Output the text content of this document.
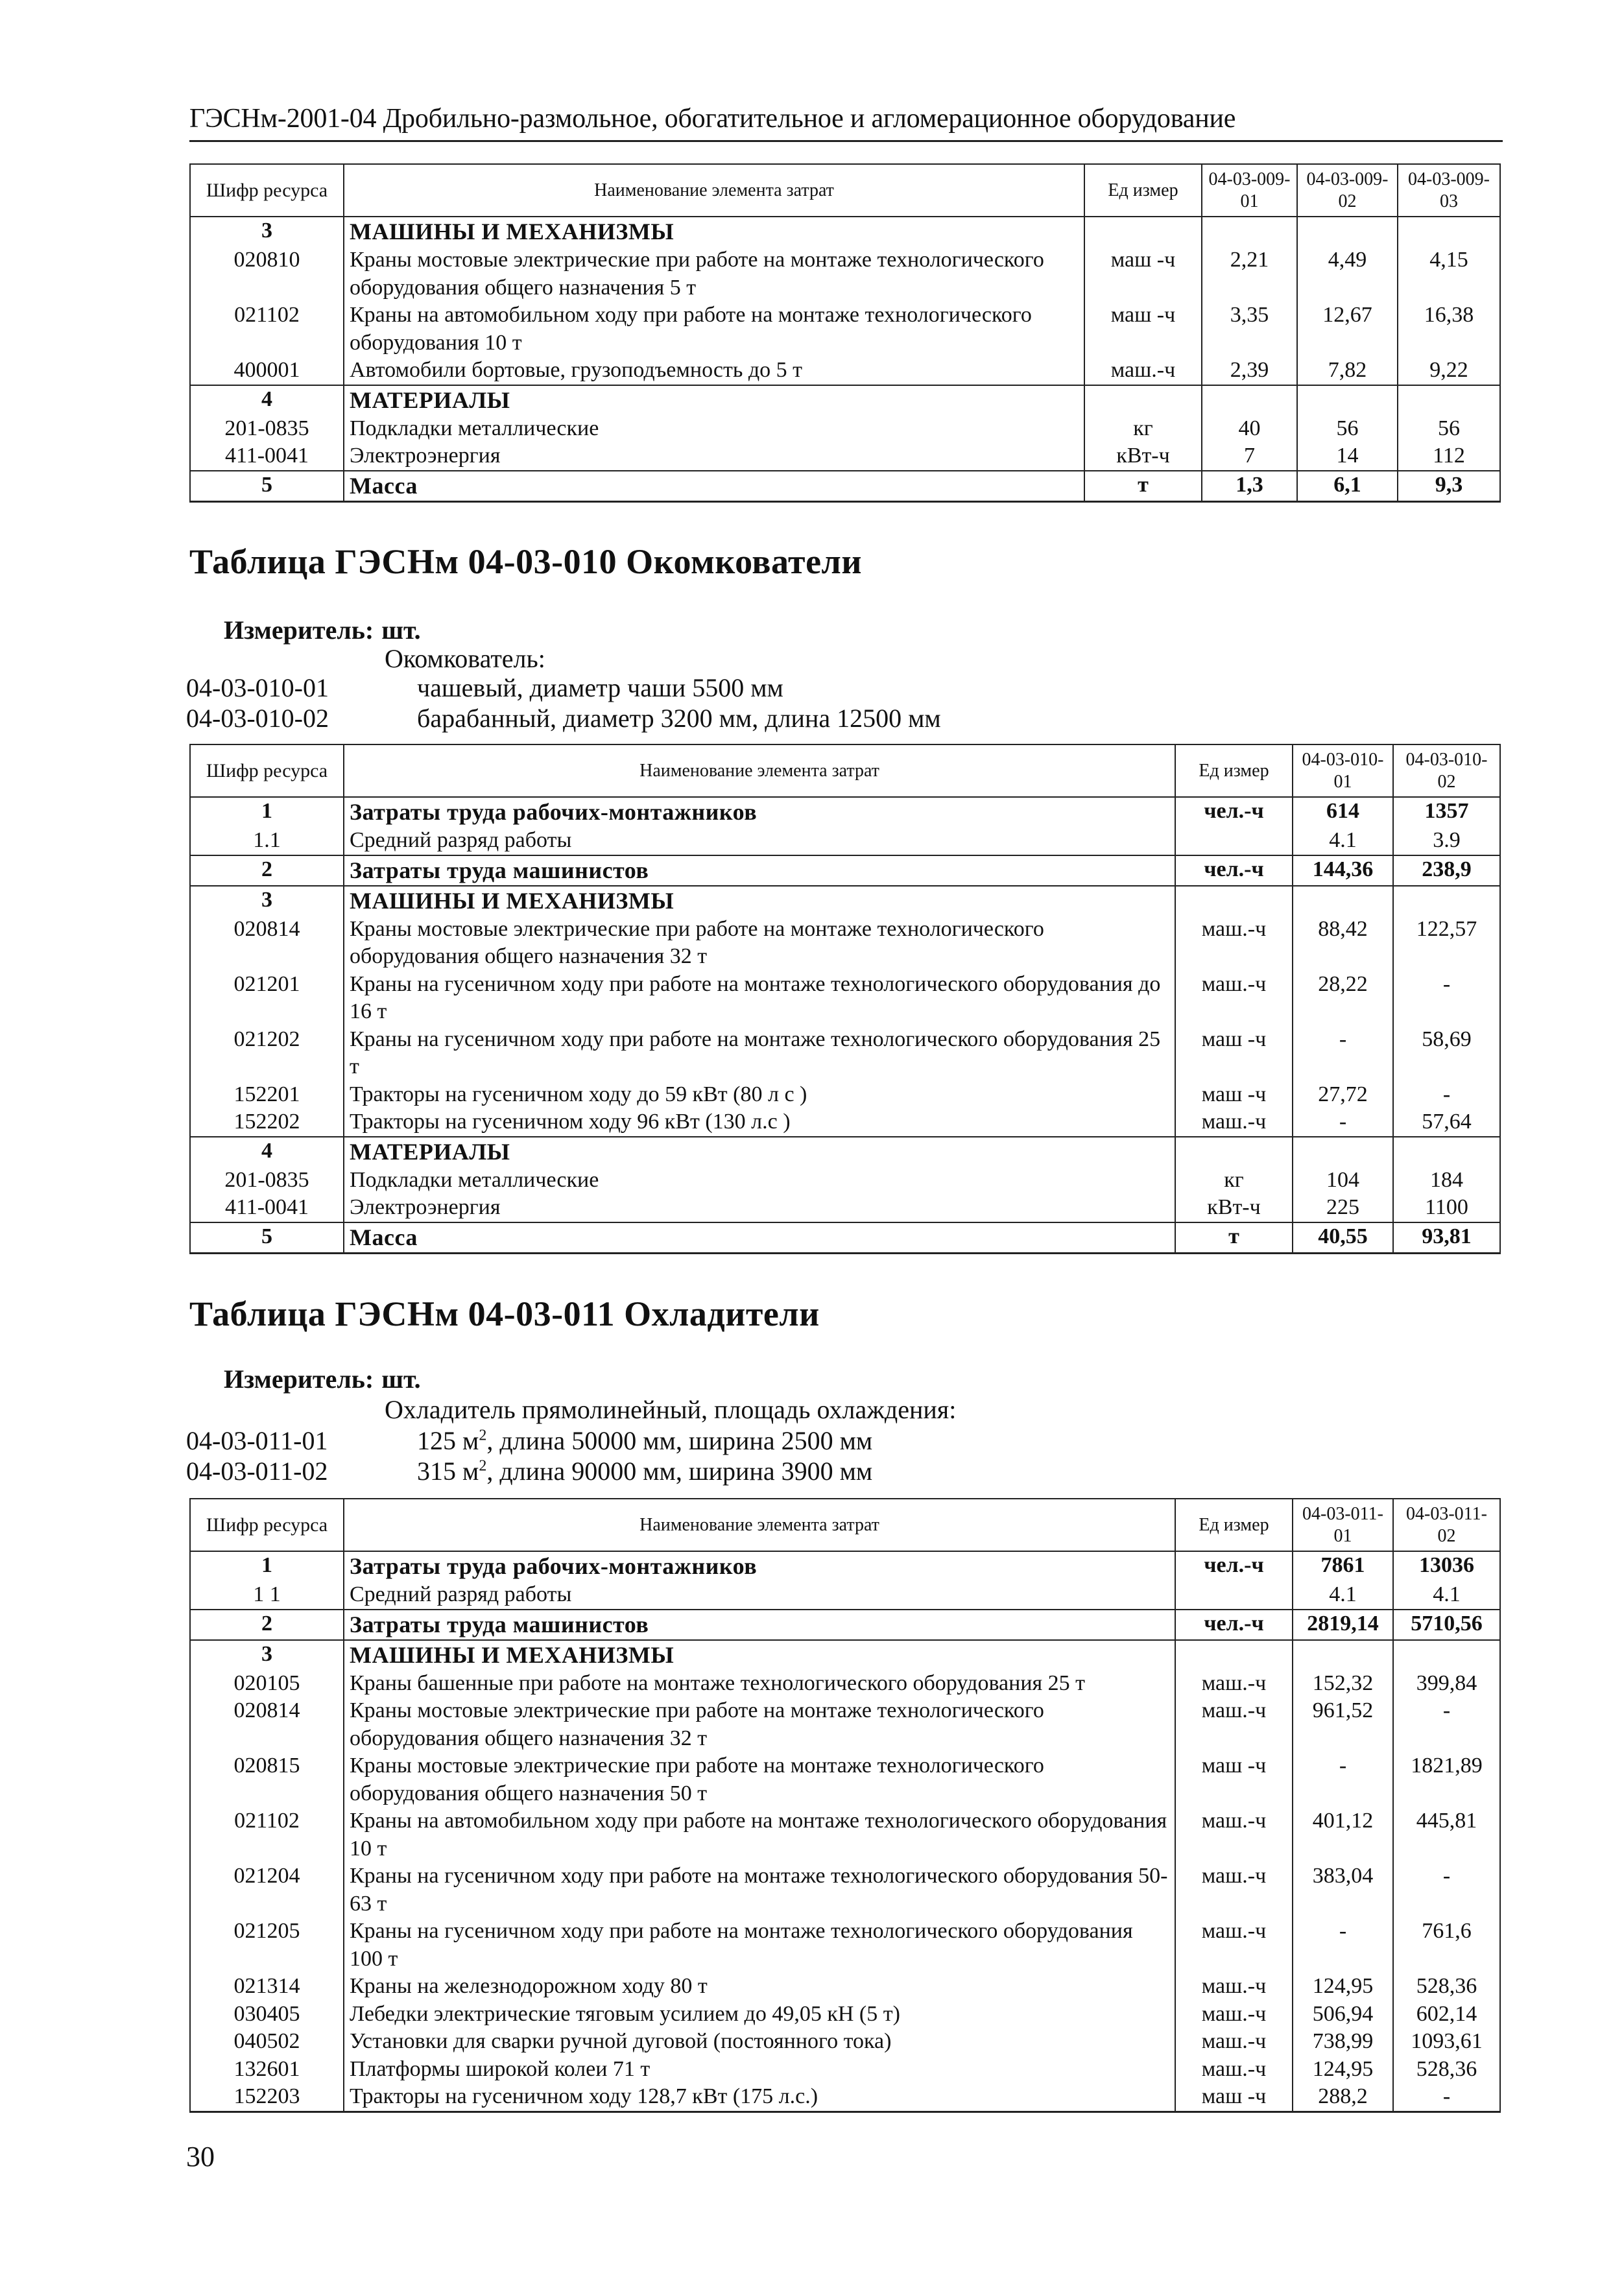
ГЭСНм-2001-04 Дробильно-размольное, обогатительное и агломерационное оборудование
Шифр ресурса	Наименование элемента затрат	Ед измер	04-03-009-01	04-03-009-02	04-03-009-03
3	МАШИНЫ И МЕХАНИЗМЫ				
020810	Краны мостовые электрические при работе на монтаже технологического оборудования общего назначения 5 т	маш -ч	2,21	4,49	4,15
021102	Краны на автомобильном ходу при работе на монтаже технологического оборудования 10 т	маш -ч	3,35	12,67	16,38
400001	Автомобили бортовые, грузоподъемность до 5 т	маш.-ч	2,39	7,82	9,22
4	МАТЕРИАЛЫ				
201-0835	Подкладки металлические	кг	40	56	56
411-0041	Электроэнергия	кВт-ч	7	14	112
5	Масса	т	1,3	6,1	9,3
Таблица ГЭСНм 04-03-010 Окомкователи
Измеритель: шт.
Окомкователь:
04-03-010-01	чашевый, диаметр чаши 5500 мм
04-03-010-02	барабанный, диаметр 3200 мм, длина 12500 мм
Шифр ресурса	Наименование элемента затрат	Ед измер	04-03-010-01	04-03-010-02
1	Затраты труда рабочих-монтажников	чел.-ч	614	1357
1.1	Средний разряд работы		4.1	3.9
2	Затраты труда машинистов	чел.-ч	144,36	238,9
3	МАШИНЫ И МЕХАНИЗМЫ			
020814	Краны мостовые электрические при работе на монтаже технологического оборудования общего назначения 32 т	маш.-ч	88,42	122,57
021201	Краны на гусеничном ходу при работе на монтаже технологического оборудования до 16 т	маш.-ч	28,22	-
021202	Краны на гусеничном ходу при работе на монтаже технологического оборудования 25 т	маш -ч	-	58,69
152201	Тракторы на гусеничном ходу до 59 кВт (80 л с )	маш -ч	27,72	-
152202	Тракторы на гусеничном ходу 96 кВт (130 л.с )	маш.-ч	-	57,64
4	МАТЕРИАЛЫ			
201-0835	Подкладки металлические	кг	104	184
411-0041	Электроэнергия	кВт-ч	225	1100
5	Масса	т	40,55	93,81
Таблица ГЭСНм 04-03-011 Охладители
Измеритель: шт.
Охладитель прямолинейный, площадь охлаждения:
04-03-011-01	125 $м^2$, длина 50000 мм, ширина 2500 мм
04-03-011-02	315 $м^2$, длина 90000 мм, ширина 3900 мм
Шифр ресурса	Наименование элемента затрат	Ед измер	04-03-011-01	04-03-011-02
1	Затраты труда рабочих-монтажников	чел.-ч	7861	13036
1 1	Средний разряд работы		4.1	4.1
2	Затраты труда машинистов	чел.-ч	2819,14	5710,56
3	МАШИНЫ И МЕХАНИЗМЫ			
020105	Краны башенные при работе на монтаже технологического оборудования 25 т	маш.-ч	152,32	399,84
020814	Краны мостовые электрические при работе на монтаже технологического оборудования общего назначения 32 т	маш.-ч	961,52	-
020815	Краны мостовые электрические при работе на монтаже технологического оборудования общего назначения 50 т	маш -ч	-	1821,89
021102	Краны на автомобильном ходу при работе на монтаже технологического оборудования 10 т	маш.-ч	401,12	445,81
021204	Краны на гусеничном ходу при работе на монтаже технологического оборудования 50-63 т	маш.-ч	383,04	-
021205	Краны на гусеничном ходу при работе на монтаже технологического оборудования 100 т	маш.-ч	-	761,6
021314	Краны на железнодорожном ходу 80 т	маш.-ч	124,95	528,36
030405	Лебедки электрические тяговым усилием до 49,05 кН (5 т)	маш.-ч	506,94	602,14
040502	Установки для сварки ручной дуговой (постоянного тока)	маш.-ч	738,99	1093,61
132601	Платформы широкой колеи 71 т	маш.-ч	124,95	528,36
152203	Тракторы на гусеничном ходу 128,7 кВт (175 л.с.)	маш -ч	288,2	-
30
